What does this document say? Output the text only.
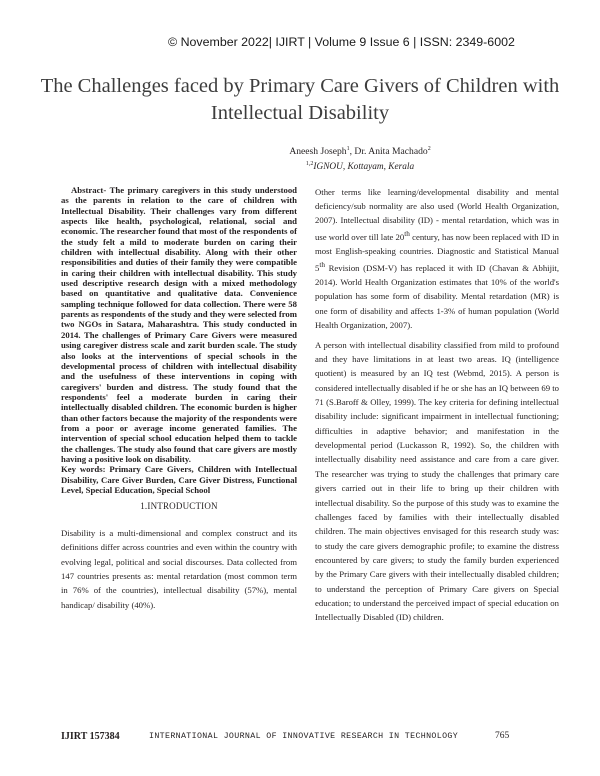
© November 2022| IJIRT | Volume 9 Issue 6 | ISSN: 2349-6002
The Challenges faced by Primary Care Givers of Children with Intellectual Disability
Aneesh Joseph$^1$, Dr. Anita Machado$^2$
$^{1,2}$IGNOU, Kottayam, Kerala

Abstract- The primary caregivers in this study understood as the parents in relation to the care of children with Intellectual Disability. Their challenges vary from different aspects like health, psychological, relational, social and economic. The researcher found that most of the respondents of the study felt a mild to moderate burden on caring their children with intellectual disability. Along with their other responsibilities and duties of their family they were compatible in caring their children with intellectual disability. This study used descriptive research design with a mixed methodology based on quantitative and qualitative data. Convenience sampling technique followed for data collection. There were 58 parents as respondents of the study and they were selected from two NGOs in Satara, Maharashtra. This study conducted in 2014. The challenges of Primary Care Givers were measured using caregiver distress scale and zarit burden scale. The study also looks at the interventions of special schools in the developmental process of children with intellectual disability and the usefulness of these interventions in coping with caregivers' burden and distress. The study found that the respondents' feel a moderate burden in caring their intellectually disabled children. The economic burden is higher than other factors because the majority of the respondents were from a poor or average income generated families. The intervention of special school education helped them to tackle the challenges. The study also found that care givers are mostly having a positive look on disability.

Key words: Primary Care Givers, Children with Intellectual Disability, Care Giver Burden, Care Giver Distress, Functional Level, Special Education, Special School

1.INTRODUCTION

Disability is a multi-dimensional and complex construct and its definitions differ across countries and even within the country with evolving legal, political and social discourses. Data collected from 147 countries presents as: mental retardation (most common term in 76% of the countries), intellectual disability (57%), mental handicap/ disability (40%).

Other terms like learning/developmental disability and mental deficiency/sub normality are also used (World Health Organization, 2007). Intellectual disability (ID) - mental retardation, which was in use world over till late 20th century, has now been replaced with ID in most English-speaking countries. Diagnostic and Statistical Manual 5th Revision (DSM-V) has replaced it with ID (Chavan & Abhijit, 2014). World Health Organization estimates that 10% of the world's population has some form of disability. Mental retardation (MR) is one form of disability and affects 1-3% of human population (World Health Organization, 2007).

A person with intellectual disability classified from mild to profound and they have limitations in at least two areas. IQ (intelligence quotient) is measured by an IQ test (Webmd, 2015). A person is considered intellectually disabled if he or she has an IQ between 69 to 71 (S.Baroff & Olley, 1999). The key criteria for defining intellectual disability include: significant impairment in intellectual functioning; difficulties in adaptive behavior; and manifestation in the developmental period (Luckasson R, 1992). So, the children with intellectually disability need assistance and care from a care giver. The researcher was trying to study the challenges that primary care givers carried out in their life to bring up their children with intellectual disability. So the purpose of this study was to examine the challenges faced by families with their intellectually disabled children. The main objectives envisaged for this research study was: to study the care givers demographic profile; to examine the distress encountered by care givers; to study the family burden experienced by the Primary Care givers with their intellectually disabled children; to understand the perception of Primary Care givers on Special education; to understand the perceived impact of special education on Intellectually Disabled (ID) children.

IJIRT 157384	INTERNATIONAL JOURNAL OF INNOVATIVE RESEARCH IN TECHNOLOGY	765
